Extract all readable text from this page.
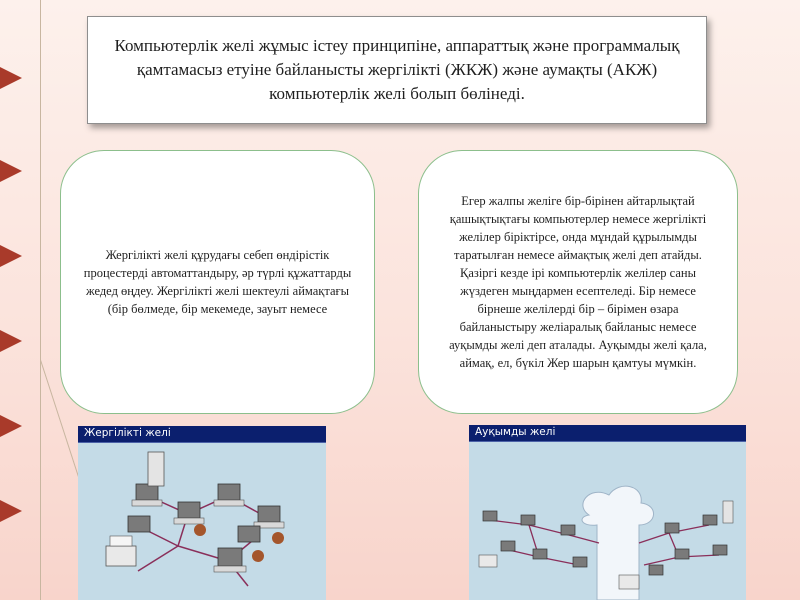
Компьютерлік желі жұмыс істеу принципіне, аппараттық және программалық қамтамасыз етуіне байланысты жергілікті (ЖКЖ) және аумақты (АКЖ) компьютерлік желі болып бөлінеді.
Жергілікті желі құрудағы себеп өндірістік процестерді автоматтандыру, әр түрлі құжаттарды жедед өңдеу. Жергілікті желі шектеулі аймақтағы (бір бөлмеде, бір мекемеде, зауыт немесе
Егер жалпы желіге бір-бірінен айтарлықтай қашықтықтағы компьютерлер немесе жергілікті желілер біріктірсе, онда мұндай құрылымды таратылған немесе аймақтық желі деп атайды. Қазіргі кезде ірі компьютерлік желілер саны жүздеген мыңдармен есептеледі. Бір немесе бірнеше желілерді бір – бірімен өзара байланыстыру желіаралық байланыс немесе ауқымды желі деп аталады. Ауқымды желі қала, аймақ, ел, бүкіл Жер шарын қамтуы мүмкін.
Жергілікті желі	Ауқымды желі
